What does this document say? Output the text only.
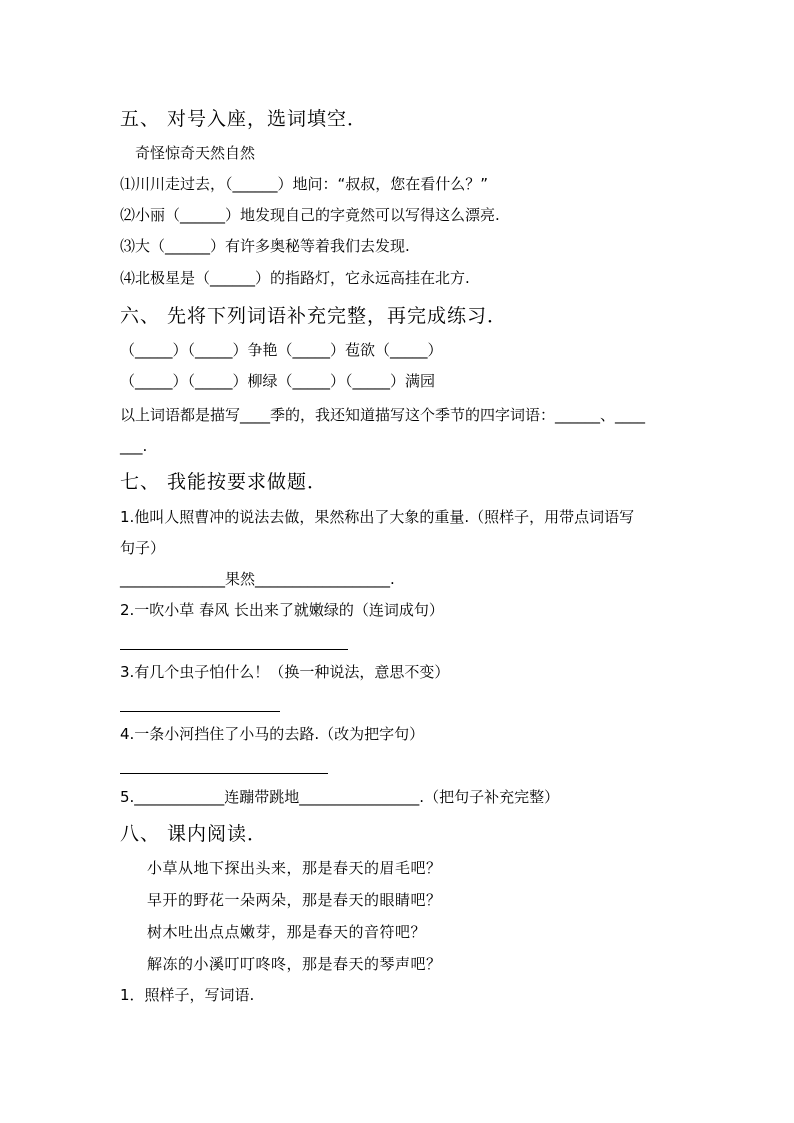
五、 对号入座，选词填空．
奇怪惊奇天然自然
⑴川川走过去，（______）地问：“叔叔，您在看什么？”
⑵小丽（______）地发现自己的字竟然可以写得这么漂亮.
⑶大（______）有许多奥秘等着我们去发现.
⑷北极星是（______）的指路灯，它永远高挂在北方.
六、 先将下列词语补充完整，再完成练习．
（_____）（_____）争艳（_____）苞欲（_____）
（_____）（_____）柳绿（_____）（_____）满园
以上词语都是描写____季的，我还知道描写这个季节的四字词语：______、____
___.
七、 我能按要求做题．
1.他叫人照曹冲的说法去做，果然称出了大象的重量.（照样子，用带点词语写
句子）
______________果然__________________.
2.一吹小草 春风 长出来了就嫩绿的（连词成句）
3.有几个虫子怕什么！（换一种说法，意思不变）
4.一条小河挡住了小马的去路.（改为把字句）
5.____________连蹦带跳地________________.（把句子补充完整）
八、 课内阅读．
小草从地下探出头来，那是春天的眉毛吧？
早开的野花一朵两朵，那是春天的眼睛吧？
树木吐出点点嫩芽，那是春天的音符吧？
解冻的小溪叮叮咚咚，那是春天的琴声吧？
1．照样子，写词语.
